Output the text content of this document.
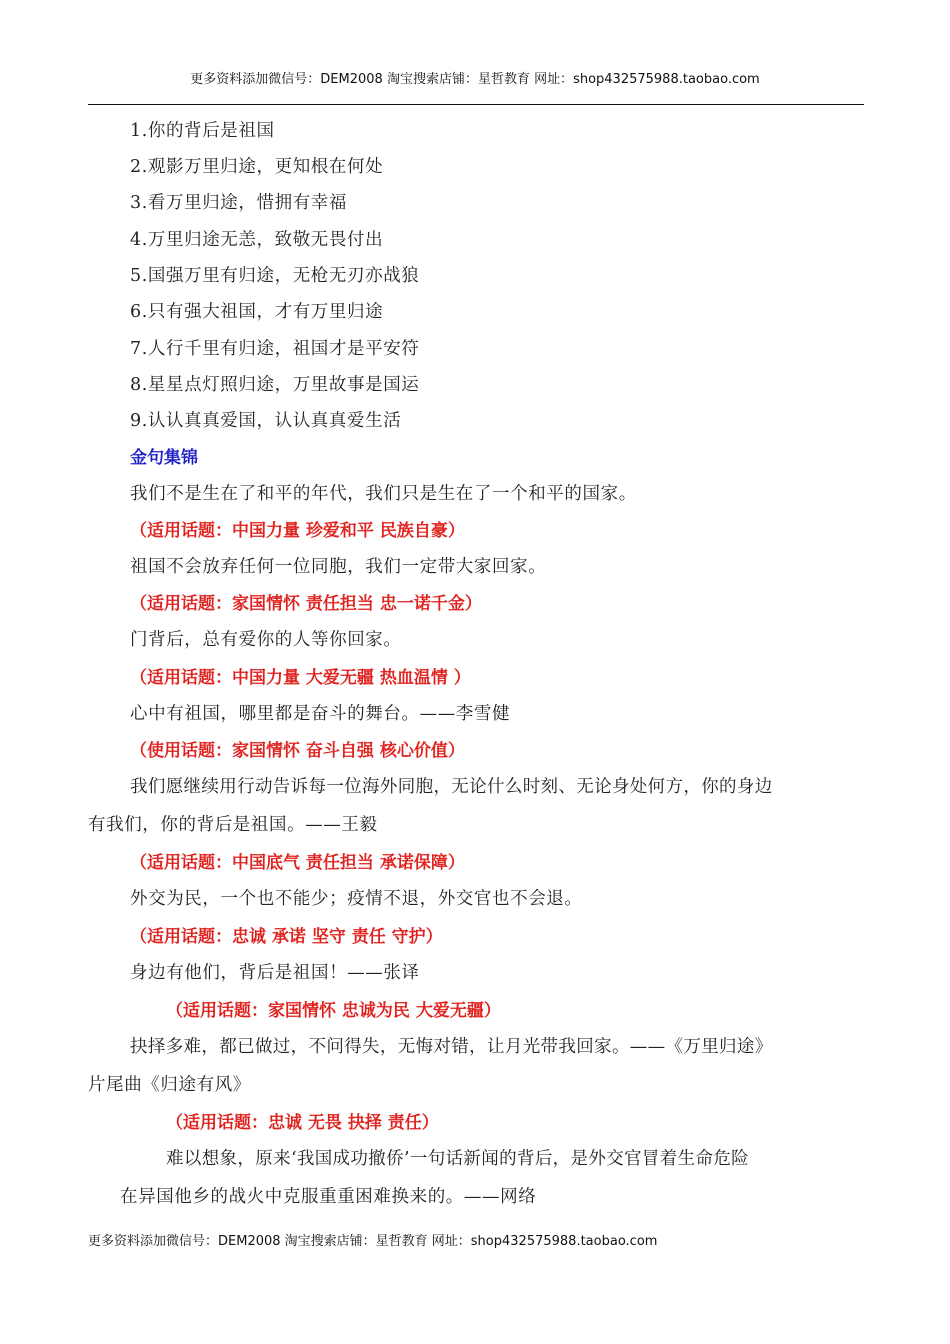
更多资料添加微信号：DEM2008 淘宝搜索店铺：星哲教育 网址：shop432575988.taobao.com
1.你的背后是祖国
2.观影万里归途，更知根在何处
3.看万里归途，惜拥有幸福
4.万里归途无恙，致敬无畏付出
5.国强万里有归途，无枪无刃亦战狼
6.只有强大祖国，才有万里归途
7.人行千里有归途，祖国才是平安符
8.星星点灯照归途，万里故事是国运
9.认认真真爱国，认认真真爱生活
金句集锦
我们不是生在了和平的年代，我们只是生在了一个和平的国家。
（适用话题：中国力量 珍爱和平 民族自豪）
祖国不会放弃任何一位同胞，我们一定带大家回家。
（适用话题：家国情怀 责任担当 忠一诺千金）
门背后，总有爱你的人等你回家。
（适用话题：中国力量 大爱无疆 热血温情 ）
心中有祖国，哪里都是奋斗的舞台。——李雪健
（使用话题：家国情怀 奋斗自强 核心价值）
我们愿继续用行动告诉每一位海外同胞，无论什么时刻、无论身处何方，你的身边
有我们，你的背后是祖国。——王毅
（适用话题：中国底气 责任担当 承诺保障）
外交为民，一个也不能少；疫情不退，外交官也不会退。
（适用话题：忠诚 承诺 坚守 责任 守护）
身边有他们，背后是祖国！——张译
（适用话题：家国情怀 忠诚为民 大爱无疆）
抉择多难，都已做过，不问得失，无悔对错，让月光带我回家。——《万里归途》
片尾曲《归途有风》
（适用话题：忠诚 无畏 抉择 责任）
难以想象，原来‘我国成功撤侨’一句话新闻的背后，是外交官冒着生命危险
在异国他乡的战火中克服重重困难换来的。——网络
更多资料添加微信号：DEM2008 淘宝搜索店铺：星哲教育 网址：shop432575988.taobao.com
